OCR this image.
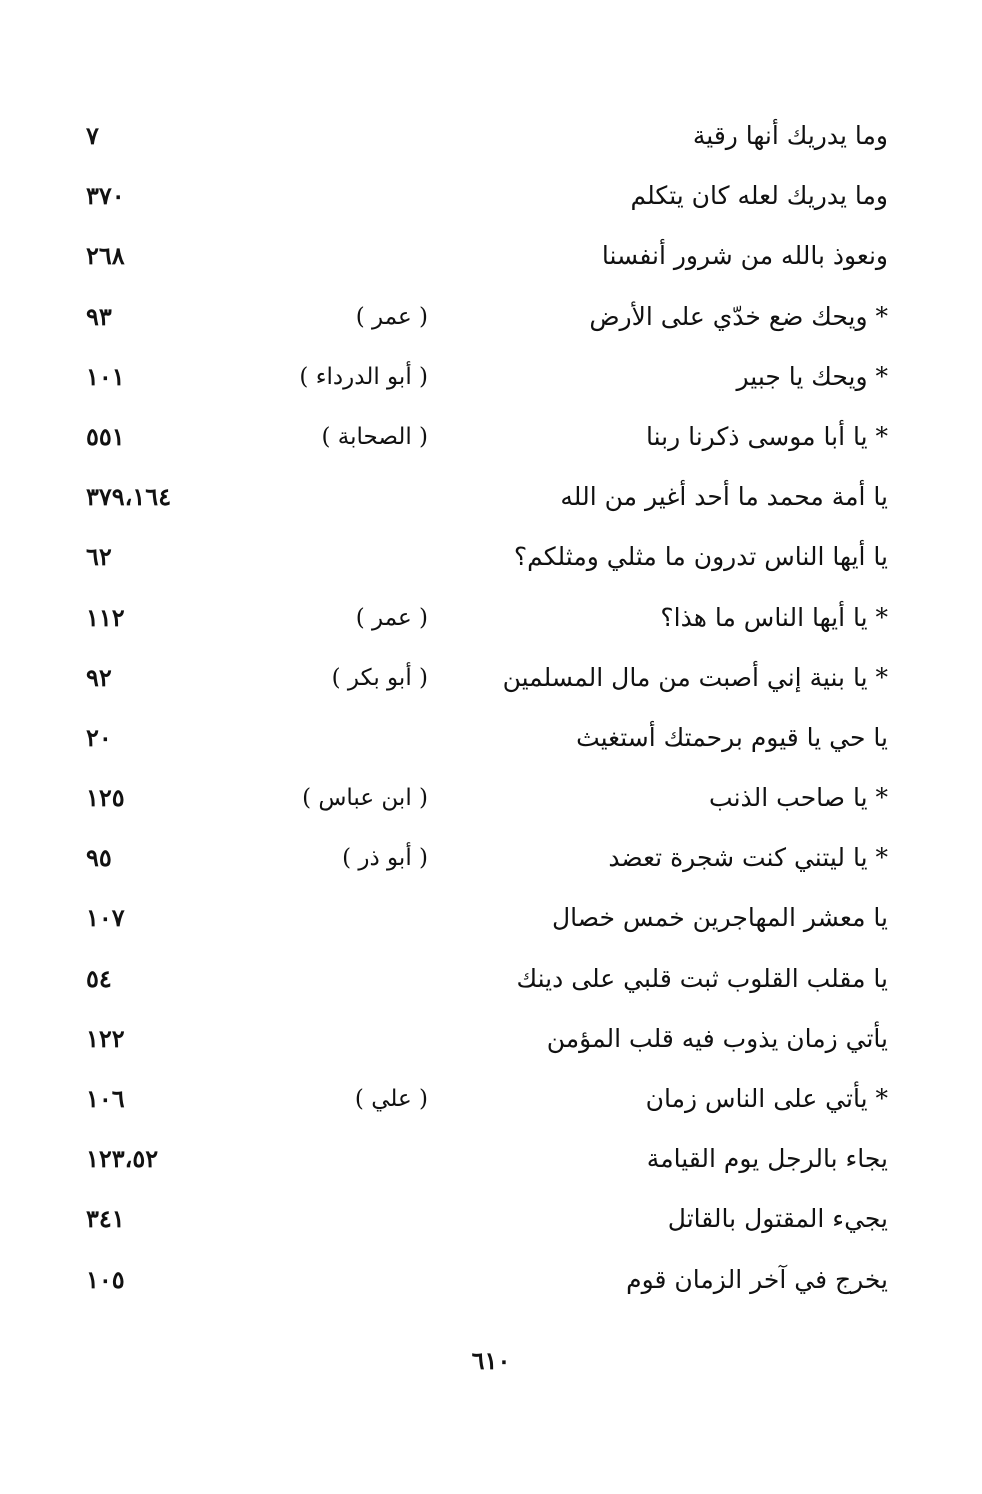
وما يدريك أنها رقية
٧
وما يدريك لعله كان يتكلم
٣٧٠
ونعوذ بالله من شرور أنفسنا
٢٦٨
* ويحك ضع خدّي على الأرض
( عمر )
٩٣
* ويحك يا جبير
( أبو الدرداء )
١٠١
* يا أبا موسى ذكرنا ربنا
( الصحابة )
٥٥١
يا أمة محمد ما أحد أغير من الله
٣٧٩،١٦٤
يا أيها الناس تدرون ما مثلي ومثلكم؟
٦٢
* يا أيها الناس ما هذا؟
( عمر )
١١٢
* يا بنية إني أصبت من مال المسلمين
( أبو بكر )
٩٢
يا حي يا قيوم برحمتك أستغيث
٢٠
* يا صاحب الذنب
( ابن عباس )
١٢٥
* يا ليتني كنت شجرة تعضد
( أبو ذر )
٩٥
يا معشر المهاجرين خمس خصال
١٠٧
يا مقلب القلوب ثبت قلبي على دينك
٥٤
يأتي زمان يذوب فيه قلب المؤمن
١٢٢
* يأتي على الناس زمان
( علي )
١٠٦
يجاء بالرجل يوم القيامة
١٢٣،٥٢
يجيء المقتول بالقاتل
٣٤١
يخرج في آخر الزمان قوم
١٠٥
٦١٠
